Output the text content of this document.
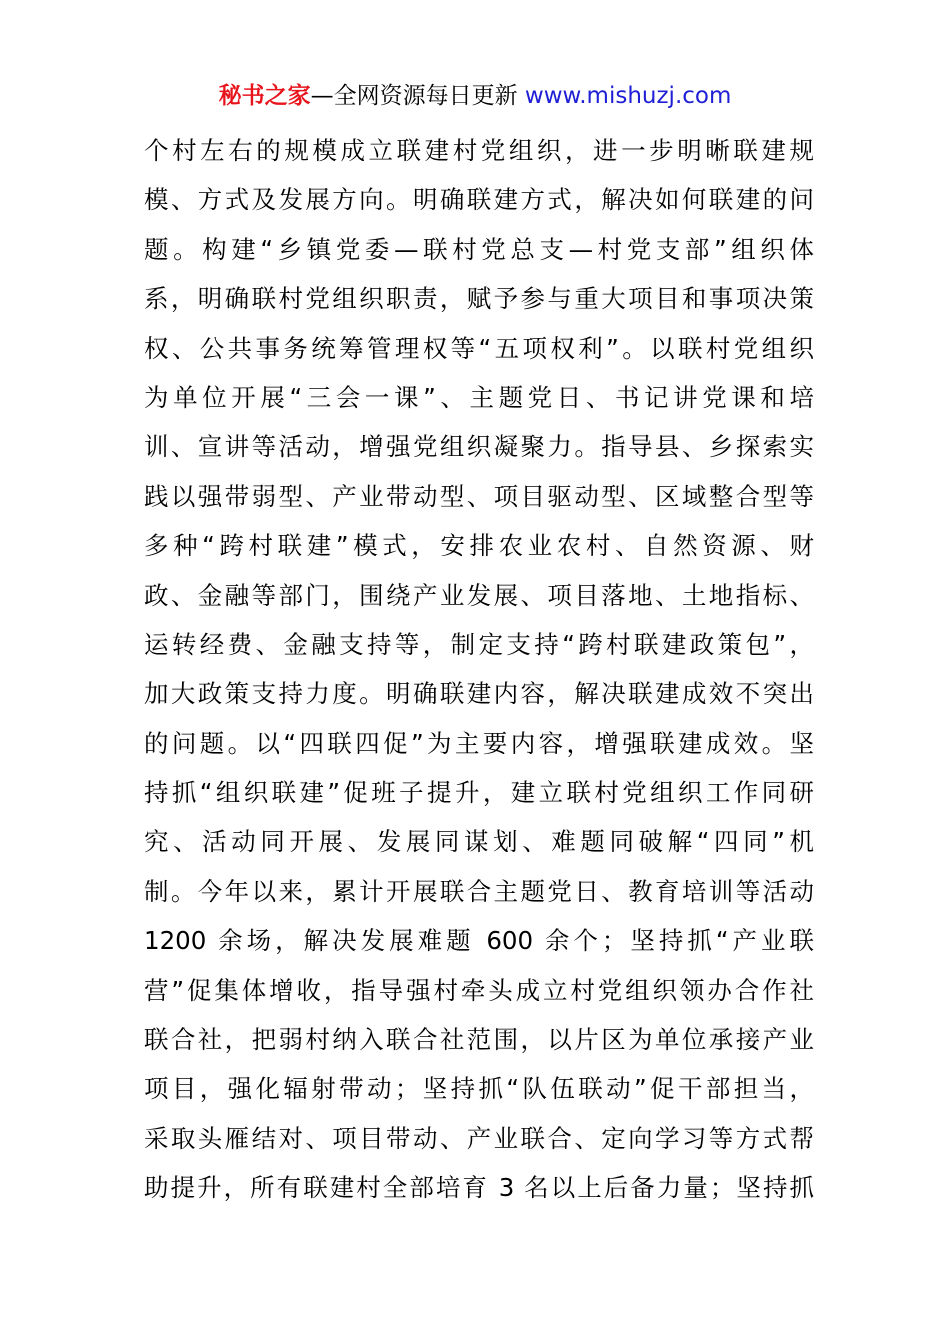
秘书之家—全网资源每日更新 www.mishuzj.com
个村左右的规模成立联建村党组织，进一步明晰联建规
模、方式及发展方向。明确联建方式，解决如何联建的问
题。构建“乡镇党委—联村党总支—村党支部”组织体
系，明确联村党组织职责，赋予参与重大项目和事项决策
权、公共事务统筹管理权等“五项权利”。以联村党组织
为单位开展“三会一课”、主题党日、书记讲党课和培
训、宣讲等活动，增强党组织凝聚力。指导县、乡探索实
践以强带弱型、产业带动型、项目驱动型、区域整合型等
多种“跨村联建”模式，安排农业农村、自然资源、财
政、金融等部门，围绕产业发展、项目落地、土地指标、
运转经费、金融支持等，制定支持“跨村联建政策包”，
加大政策支持力度。明确联建内容，解决联建成效不突出
的问题。以“四联四促”为主要内容，增强联建成效。坚
持抓“组织联建”促班子提升，建立联村党组织工作同研
究、活动同开展、发展同谋划、难题同破解“四同”机
制。今年以来，累计开展联合主题党日、教育培训等活动
1200 余场，解决发展难题 600 余个；坚持抓“产业联
营”促集体增收，指导强村牵头成立村党组织领办合作社
联合社，把弱村纳入联合社范围，以片区为单位承接产业
项目，强化辐射带动；坚持抓“队伍联动”促干部担当，
采取头雁结对、项目带动、产业联合、定向学习等方式帮
助提升，所有联建村全部培育 3 名以上后备力量；坚持抓
